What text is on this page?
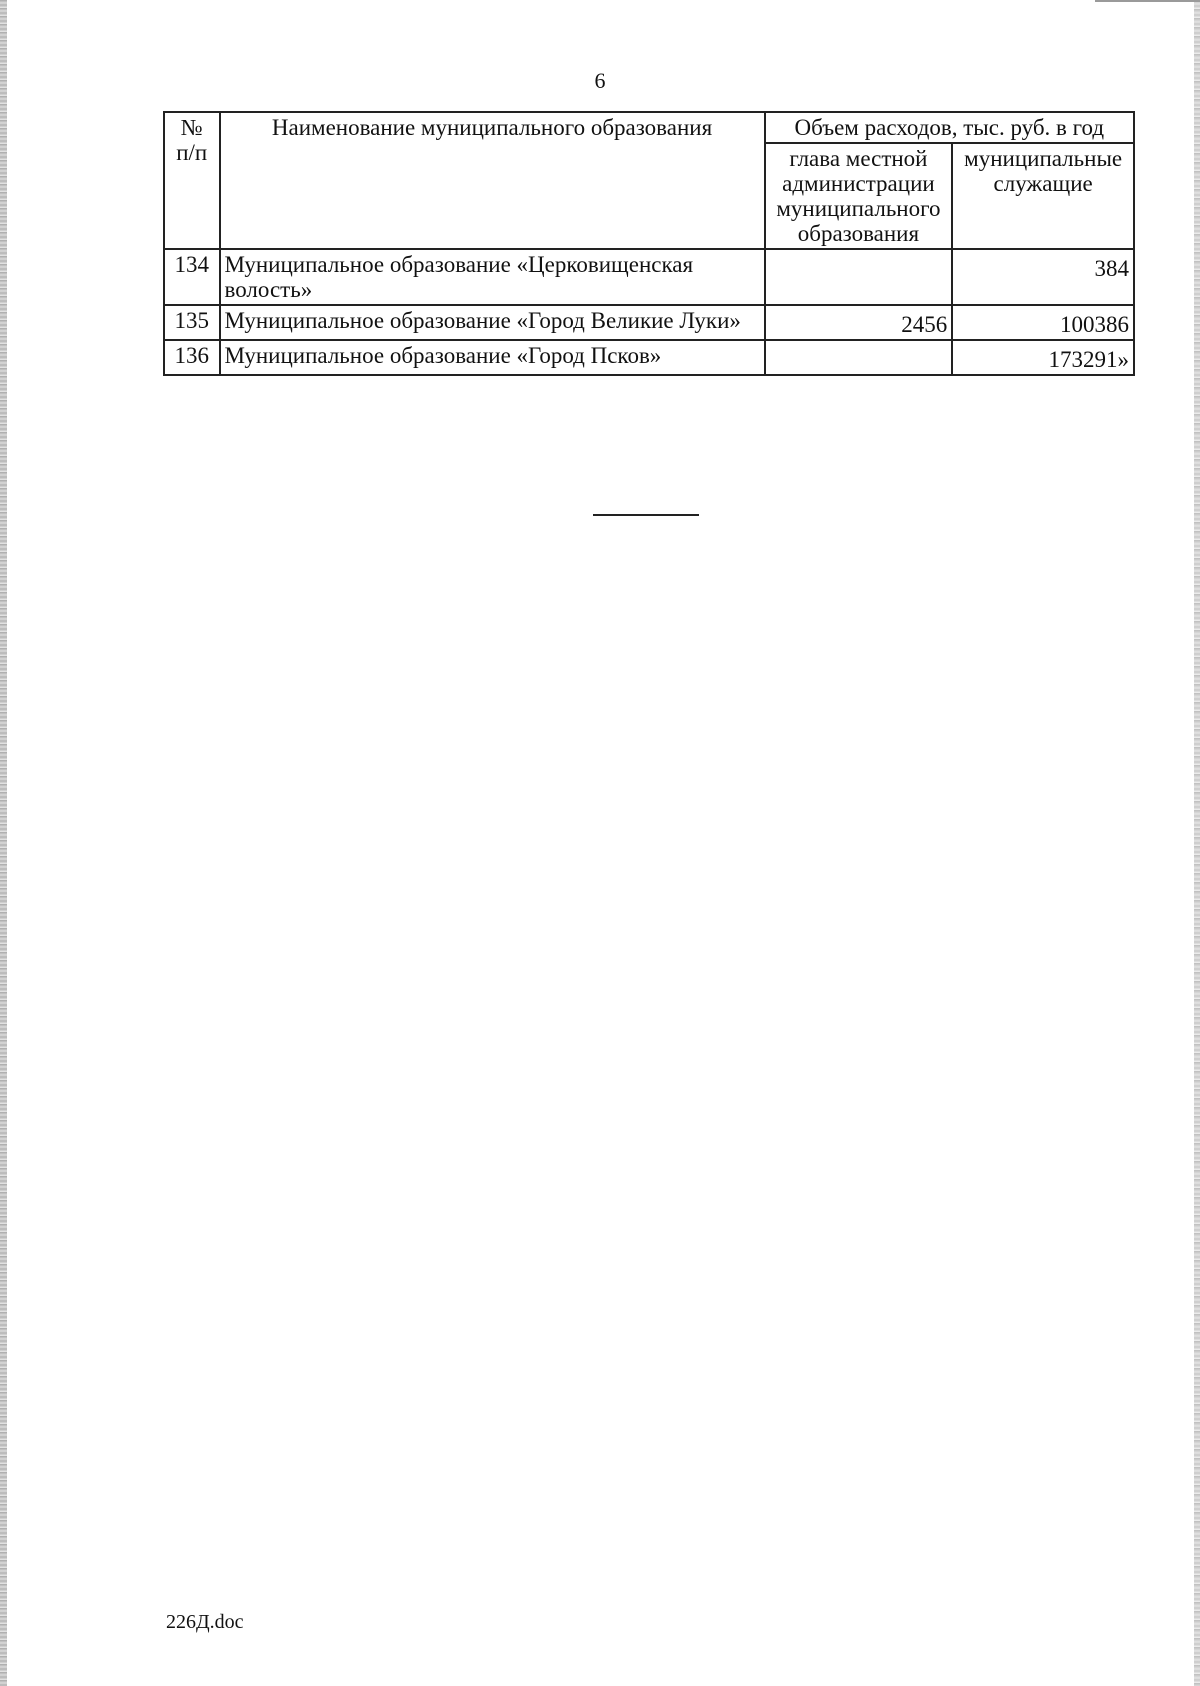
6
№ п/п	Наименование муниципального образования	Объем расходов, тыс. руб. в год	
		глава местной администрации муниципального образования	муниципальные служащие
134	Муниципальное образование «Церковищенская волость»		384
135	Муниципальное образование «Город Великие Луки»	2456	100386
136	Муниципальное образование «Город Псков»		173291»
226Д.doc
